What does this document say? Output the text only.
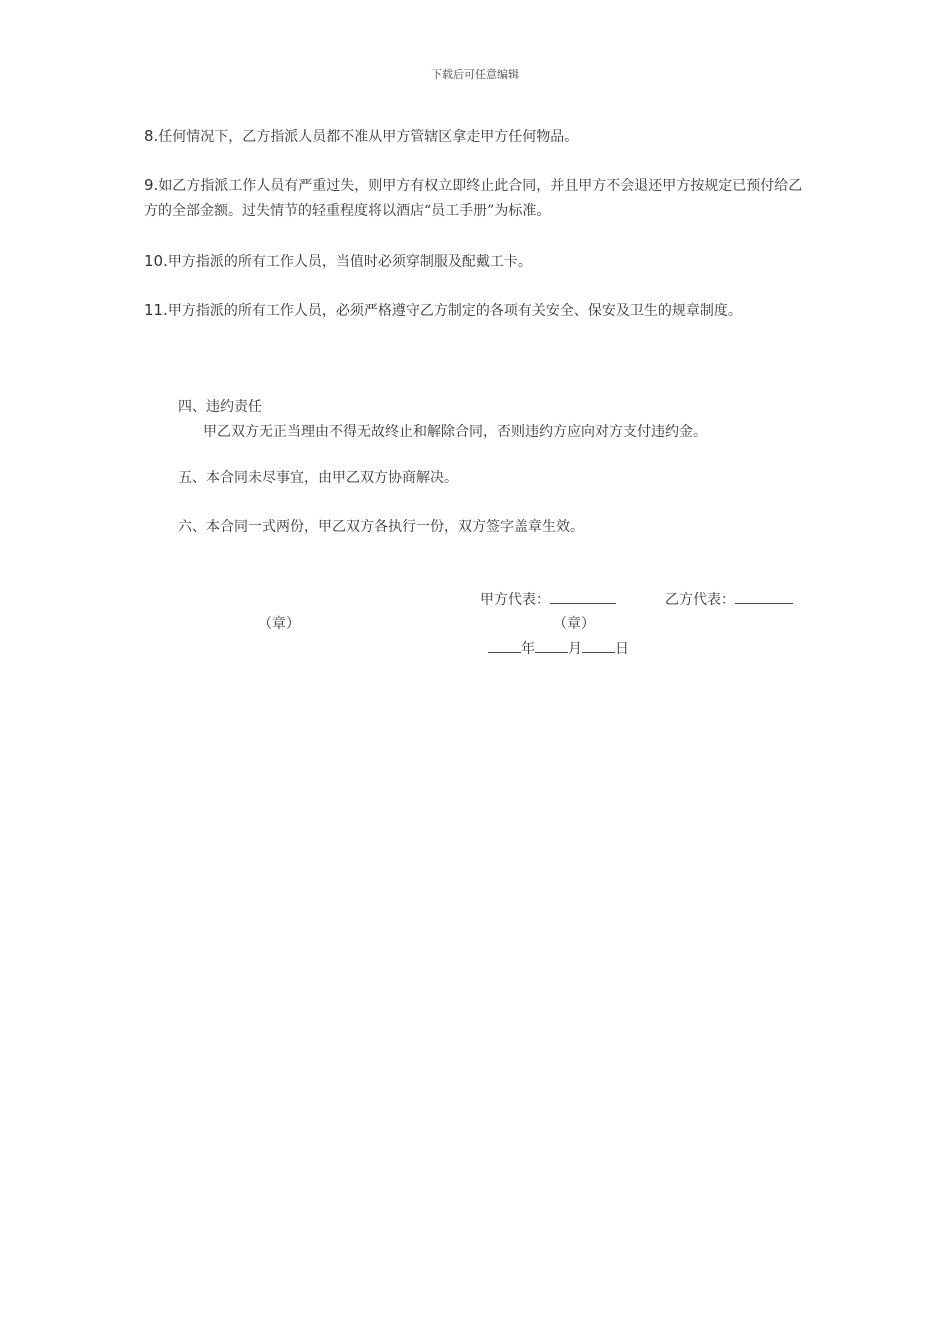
下载后可任意编辑
8.任何情况下，乙方指派人员都不准从甲方管辖区拿走甲方任何物品。
9.如乙方指派工作人员有严重过失，则甲方有权立即终止此合同，并且甲方不会退还甲方按规定已预付给乙方的全部金额。过失情节的轻重程度将以酒店“员工手册”为标准。
10.甲方指派的所有工作人员，当值时必须穿制服及配戴工卡。
11.甲方指派的所有工作人员，必须严格遵守乙方制定的各项有关安全、保安及卫生的规章制度。
四、违约责任
甲乙双方无正当理由不得无故终止和解除合同，否则违约方应向对方支付违约金。
五、本合同未尽事宜，由甲乙双方协商解决。
六、本合同一式两份，甲乙双方各执行一份，双方签字盖章生效。
甲方代表：	乙方代表：
（章）	（章）
年 月 日
